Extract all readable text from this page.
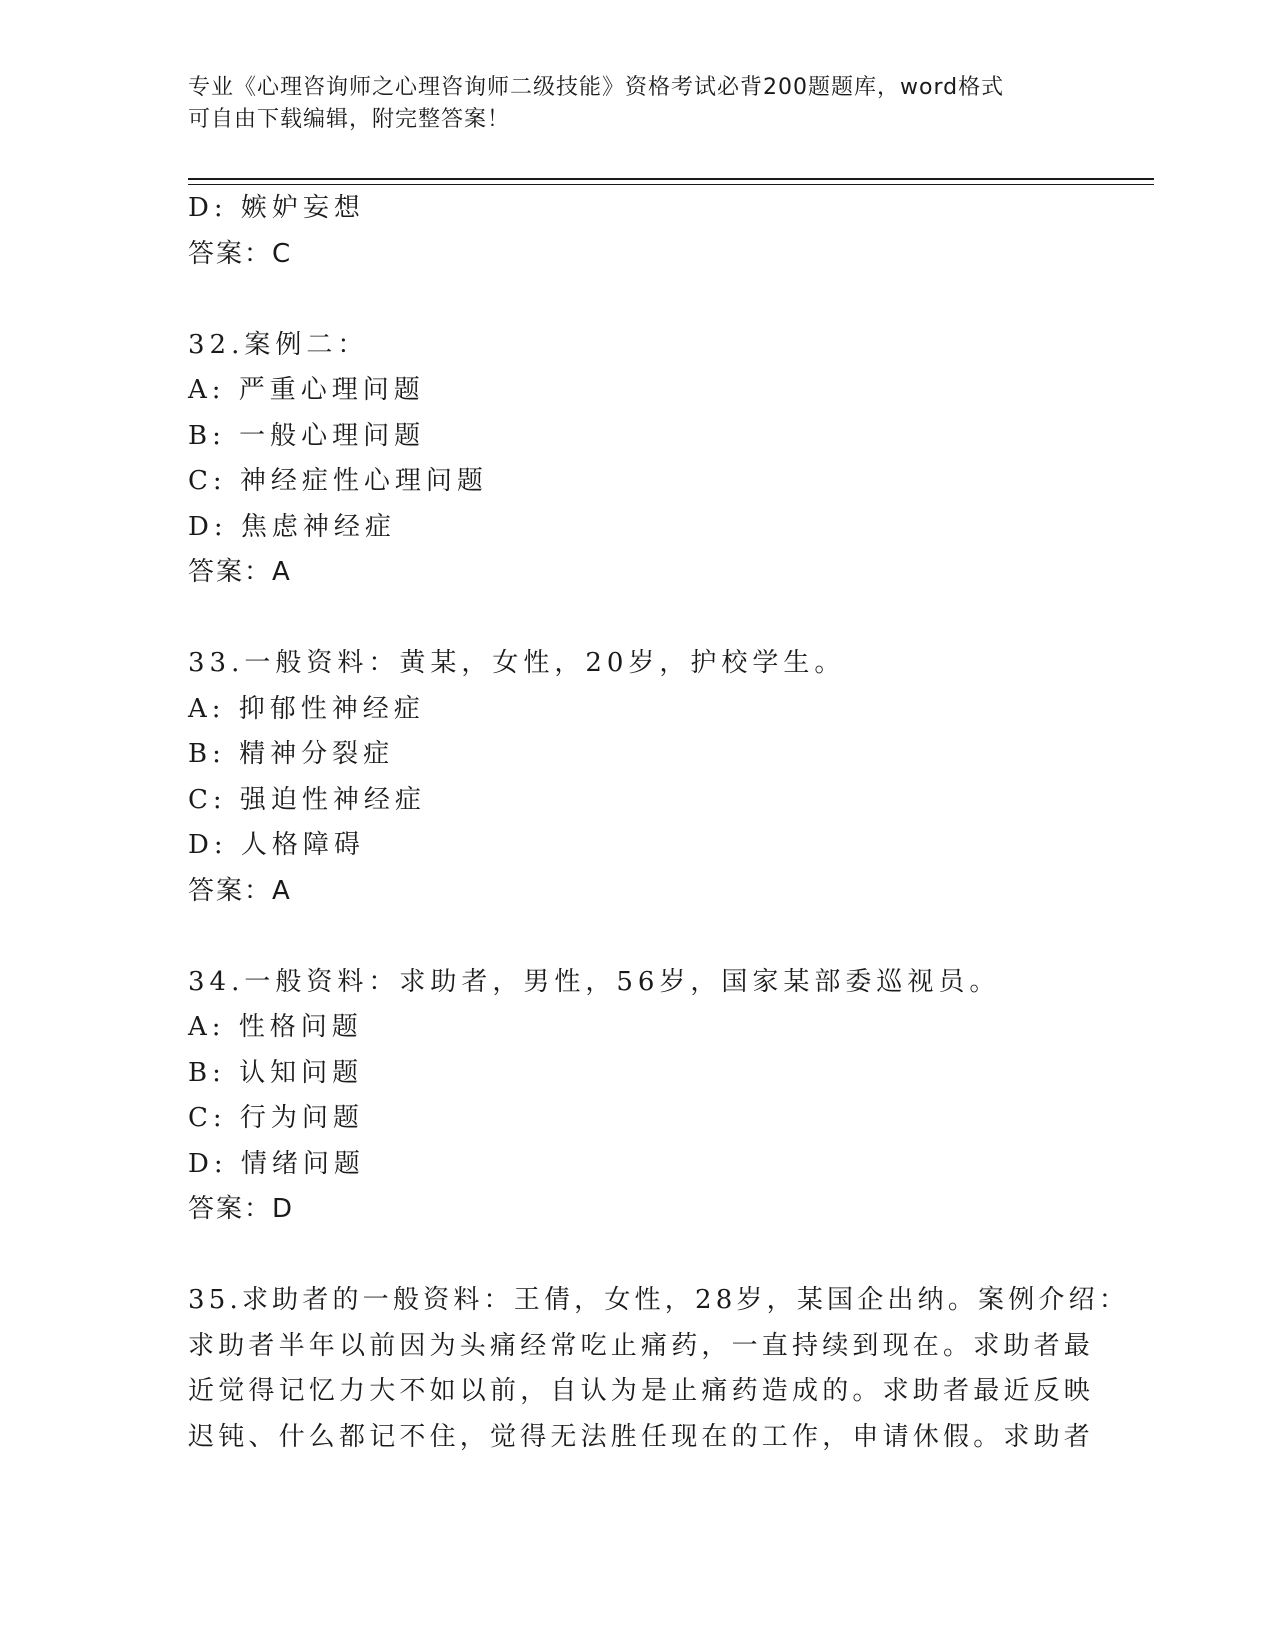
专业《心理咨询师之心理咨询师二级技能》资格考试必背200题题库，word格式
可自由下载编辑，附完整答案！
D: 嫉妒妄想
答案：C
32.案例二：
A: 严重心理问题
B: 一般心理问题
C: 神经症性心理问题
D: 焦虑神经症
答案：A
33.一般资料：黄某，女性，20岁，护校学生。
A: 抑郁性神经症
B: 精神分裂症
C: 强迫性神经症
D: 人格障碍
答案：A
34.一般资料：求助者，男性，56岁，国家某部委巡视员。
A: 性格问题
B: 认知问题
C: 行为问题
D: 情绪问题
答案：D
35.求助者的一般资料：王倩，女性，28岁，某国企出纳。案例介绍：
求助者半年以前因为头痛经常吃止痛药，一直持续到现在。求助者最
近觉得记忆力大不如以前，自认为是止痛药造成的。求助者最近反映
迟钝、什么都记不住，觉得无法胜任现在的工作，申请休假。求助者
